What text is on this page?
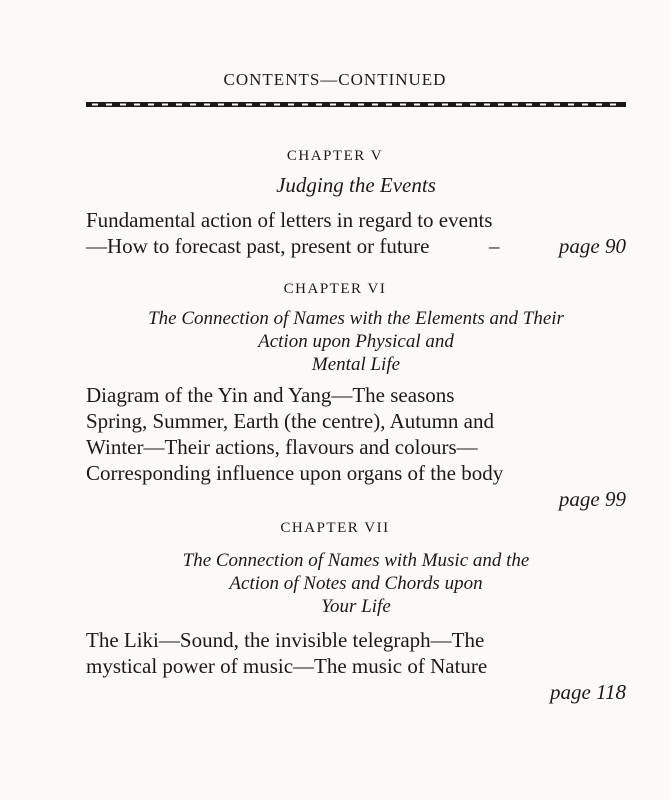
CONTENTS—CONTINUED
CHAPTER V
Judging the Events
Fundamental action of letters in regard to events
—How to forecast past, present or future	–	page 90
CHAPTER VI
The Connection of Names with the Elements and Their
Action upon Physical and
Mental Life
Diagram of the Yin and Yang—The seasons
Spring, Summer, Earth (the centre), Autumn and
Winter—Their actions, flavours and colours—
Corresponding influence upon organs of the body
page 99
CHAPTER VII
The Connection of Names with Music and the
Action of Notes and Chords upon
Your Life
The Liki—Sound, the invisible telegraph—The
mystical power of music—The music of Nature
page 118
